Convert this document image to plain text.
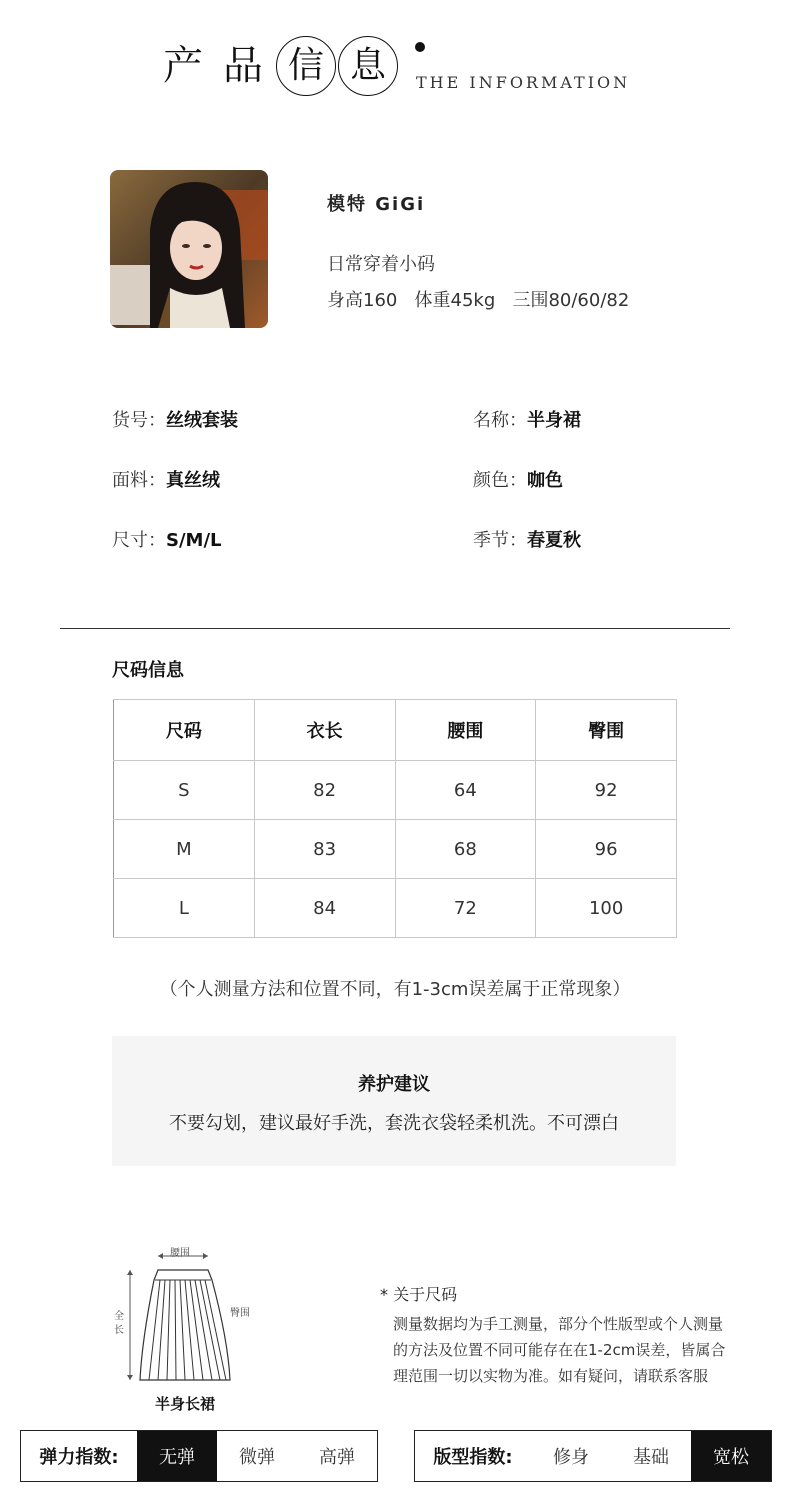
产 品 信 息	THE INFORMATION
模特 GiGi
日常穿着小码
身高160   体重45kg   三围80/60/82
货号：丝绒套装	名称：半身裙
面料：真丝绒	颜色：咖色
尺寸：S/M/L	季节：春夏秋
尺码信息
尺码	衣长	腰围	臀围
S	82	64	92
M	83	68	96
L	84	72	100
（个人测量方法和位置不同，有1-3cm误差属于正常现象）
养护建议
不要勾划，建议最好手洗，套洗衣袋轻柔机洗。不可漂白
腰围
臀围
全长
半身长裙
* 关于尺码
测量数据均为手工测量，部分个性版型或个人测量
的方法及位置不同可能存在在1-2cm误差，皆属合
理范围一切以实物为准。如有疑问，请联系客服
弹力指数:	无弹	微弹	高弹	版型指数:	修身	基础	宽松
